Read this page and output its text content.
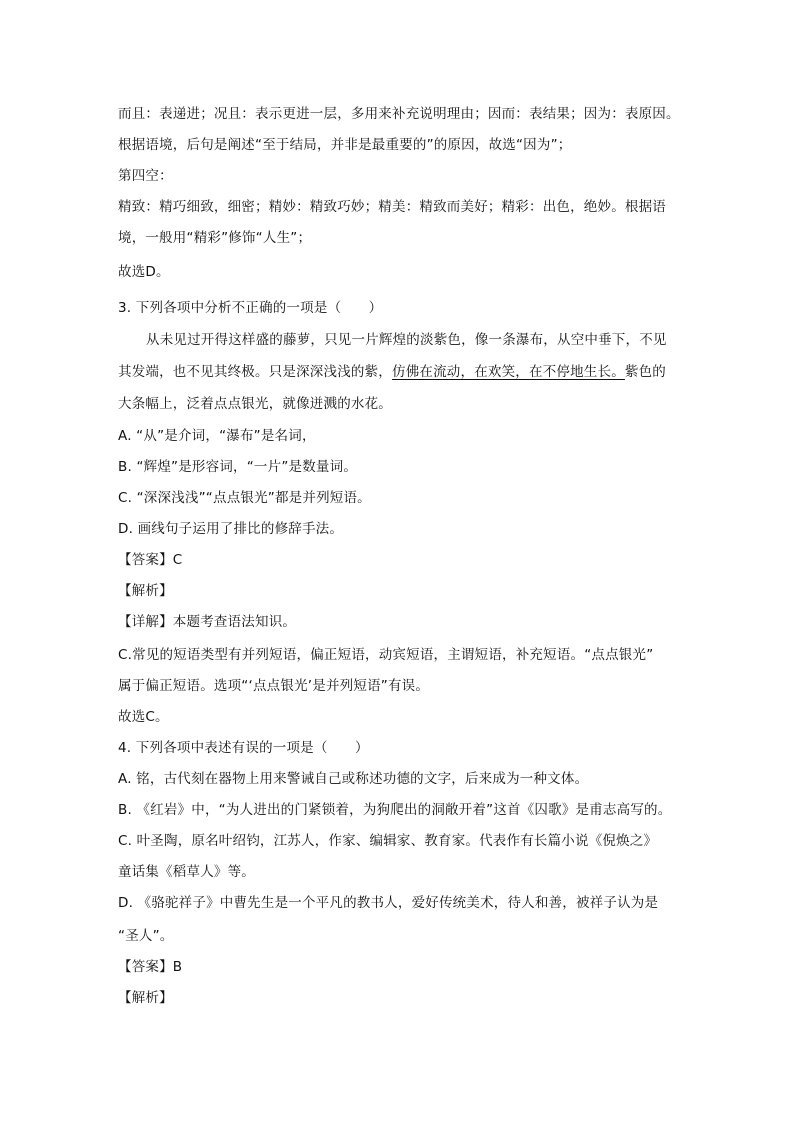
而且：表递进；况且：表示更进一层，多用来补充说明理由；因而：表结果；因为：表原因。
根据语境，后句是阐述“至于结局，并非是最重要的”的原因，故选“因为”；
第四空：
精致：精巧细致，细密；精妙：精致巧妙；精美：精致而美好；精彩：出色，绝妙。根据语
境，一般用“精彩”修饰“人生”；
故选D。
3. 下列各项中分析不正确的一项是（　　）
从未见过开得这样盛的藤萝，只见一片辉煌的淡紫色，像一条瀑布，从空中垂下，不见
其发端，也不见其终极。只是深深浅浅的紫，仿佛在流动，在欢笑，在不停地生长。紫色的
大条幅上，泛着点点银光，就像迸溅的水花。
A. “从”是介词，“瀑布”是名词，
B. “辉煌”是形容词，“一片”是数量词。
C. “深深浅浅”“点点银光”都是并列短语。
D. 画线句子运用了排比的修辞手法。
【答案】C
【解析】
【详解】本题考查语法知识。
C.常见的短语类型有并列短语，偏正短语，动宾短语，主谓短语，补充短语。“点点银光”
属于偏正短语。选项“‘点点银光’是并列短语”有误。
故选C。
4. 下列各项中表述有误的一项是（　　）
A. 铭，古代刻在器物上用来警诫自己或称述功德的文字，后来成为一种文体。
B. 《红岩》中，“为人进出的门紧锁着，为狗爬出的洞敞开着”这首《囚歌》是甫志高写的。
C. 叶圣陶，原名叶绍钧，江苏人，作家、编辑家、教育家。代表作有长篇小说《倪焕之》
童话集《稻草人》等。
D. 《骆驼祥子》中曹先生是一个平凡的教书人，爱好传统美术，待人和善，被祥子认为是
“圣人”。
【答案】B
【解析】
